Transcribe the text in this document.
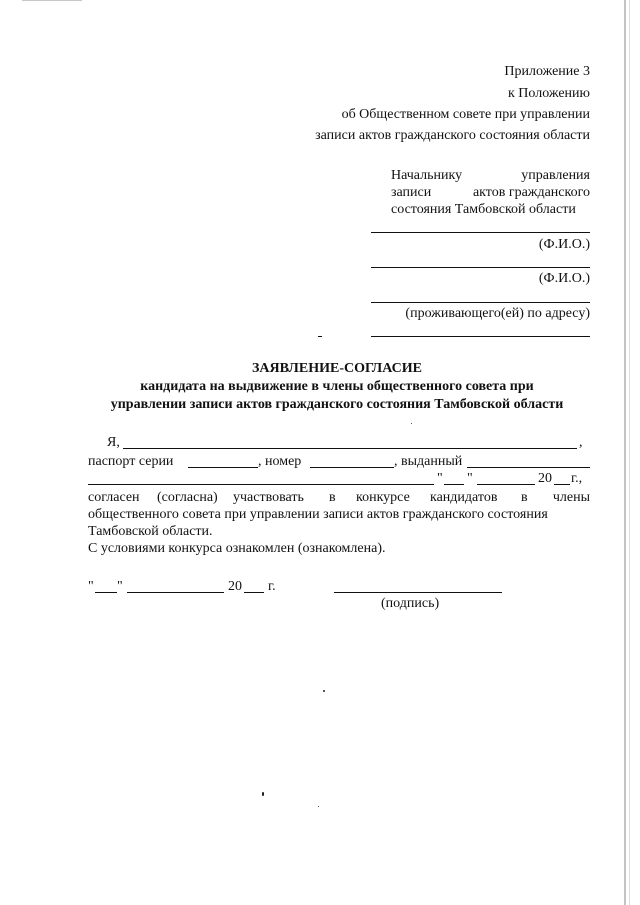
Приложение 3
к Положению
об Общественном совете при управлении
записи актов гражданского состояния области
Начальнику	управления
записи	актов гражданского
состояния Тамбовской области
(Ф.И.О.)
(Ф.И.О.)
(проживающего(ей) по адресу)
ЗАЯВЛЕНИЕ-СОГЛАСИЕ
кандидата на выдвижение в члены общественного совета при
управлении записи актов гражданского состояния Тамбовской области
Я,	,
паспорт серии	, номер	, выданный
" "	20 г.,
согласен (согласна) участвовать в конкурсе кандидатов в члены
общественного совета при управлении записи актов гражданского состояния
Тамбовской области.
С условиями конкурса ознакомлен (ознакомлена).
" "	20 г.
(подпись)
